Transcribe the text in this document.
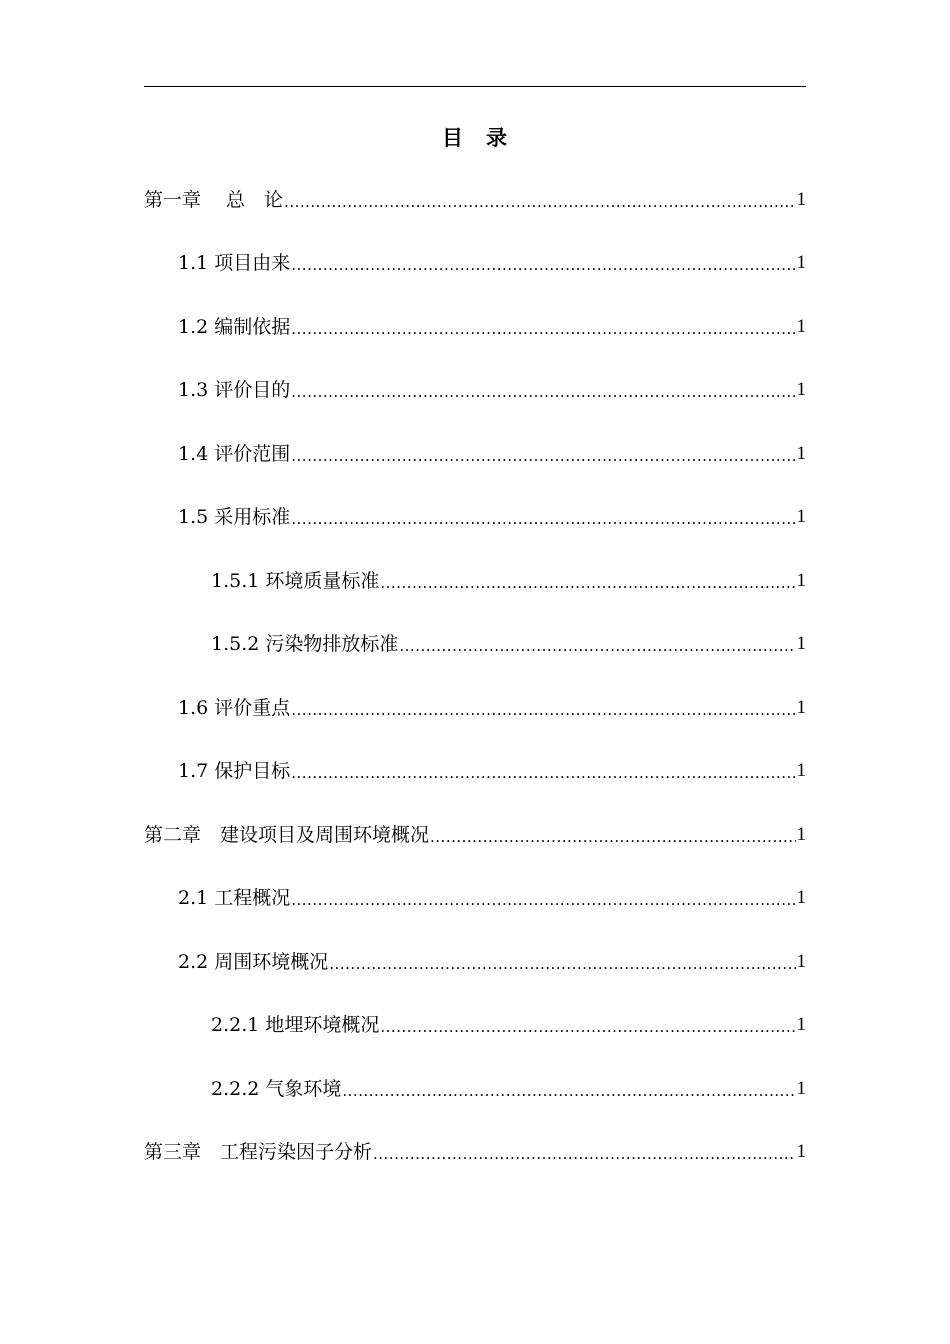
目　录
第一章　 总　论 .....	1
1.1 项目由来 .....	1
1.2 编制依据 .....	1
1.3 评价目的 .....	1
1.4 评价范围 .....	1
1.5 采用标准 .....	1
1.5.1 环境质量标准 .....	1
1.5.2 污染物排放标准 .....	1
1.6 评价重点 .....	1
1.7 保护目标 .....	1
第二章　建设项目及周围环境概况 .....	1
2.1 工程概况 .....	1
2.2 周围环境概况 .....	1
2.2.1 地埋环境概况 .....	1
2.2.2 气象环境 .....	1
第三章　工程污染因子分析 .....	1
